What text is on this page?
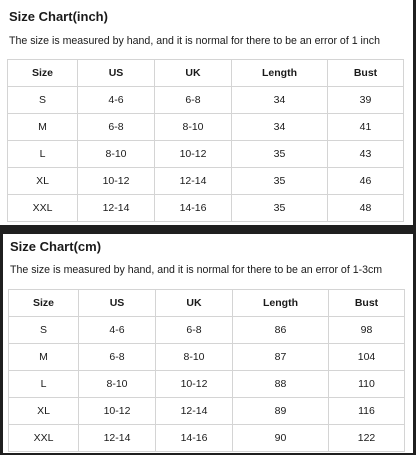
Size Chart(inch)
The size is measured by hand, and it is normal for there to be an error of 1 inch
Size	US	UK	Length	Bust
S	4-6	6-8	34	39
M	6-8	8-10	34	41
L	8-10	10-12	35	43
XL	10-12	12-14	35	46
XXL	12-14	14-16	35	48
Size Chart(cm)
The size is measured by hand, and it is normal for there to be an error of 1-3cm
Size	US	UK	Length	Bust
S	4-6	6-8	86	98
M	6-8	8-10	87	104
L	8-10	10-12	88	110
XL	10-12	12-14	89	116
XXL	12-14	14-16	90	122
